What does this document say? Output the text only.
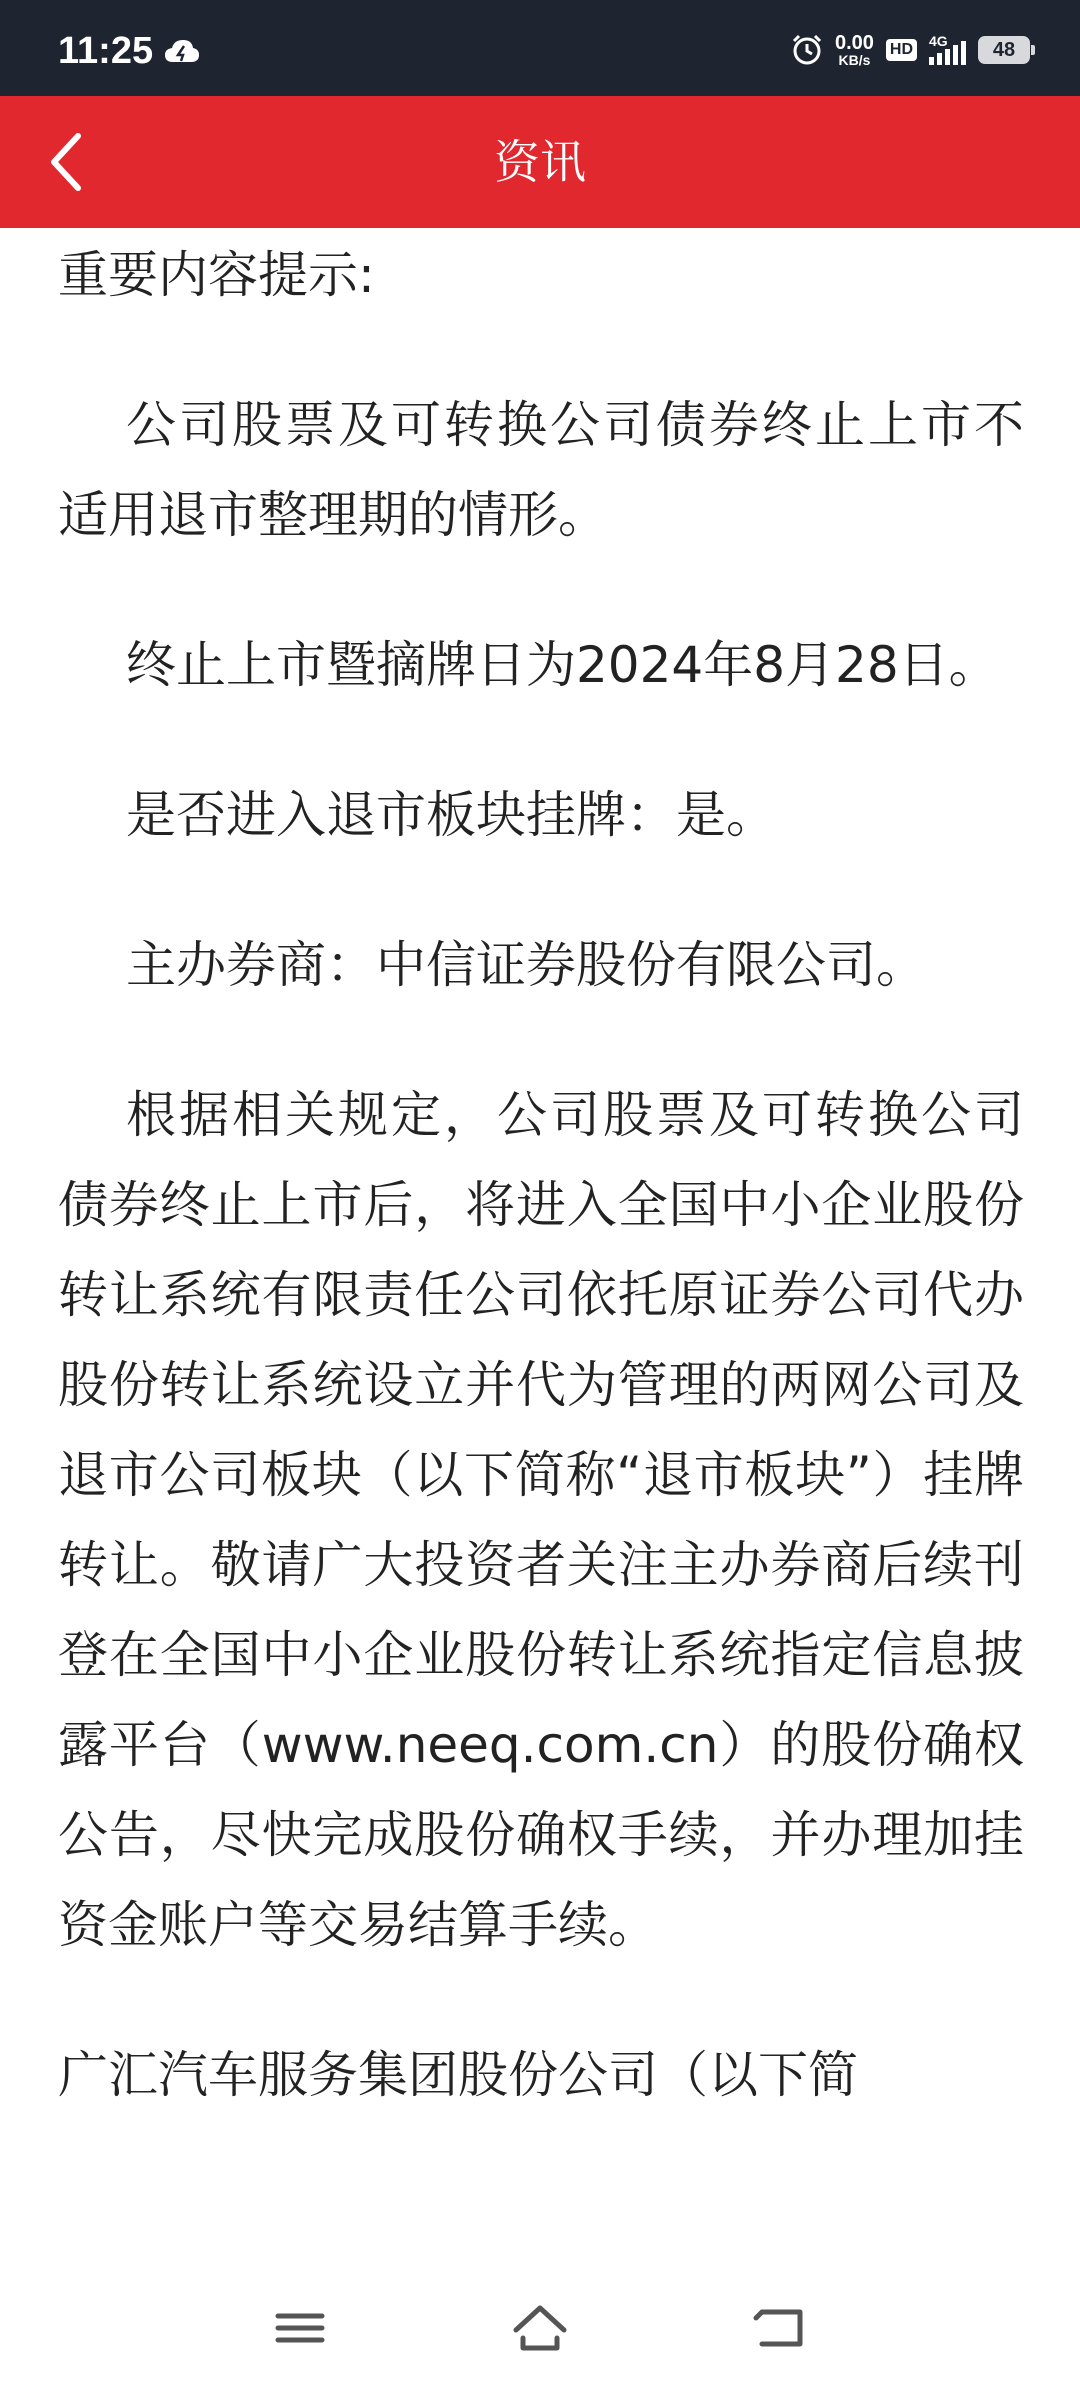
11:25	0.00
KB/s
HD 4G 48
资讯

重要内容提示:

公司股票及可转换公司债券终止上市不适用退市整理期的情形。

终止上市暨摘牌日为2024年8月28日。

是否进入退市板块挂牌：是。

主办券商：中信证券股份有限公司。

根据相关规定，公司股票及可转换公司债券终止上市后，将进入全国中小企业股份转让系统有限责任公司依托原证券公司代办股份转让系统设立并代为管理的两网公司及退市公司板块（以下简称“退市板块”）挂牌转让。敬请广大投资者关注主办券商后续刊登在全国中小企业股份转让系统指定信息披露平台（www.neeq.com.cn）的股份确权公告，尽快完成股份确权手续，并办理加挂资金账户等交易结算手续。

广汇汽车服务集团股份公司（以下简
